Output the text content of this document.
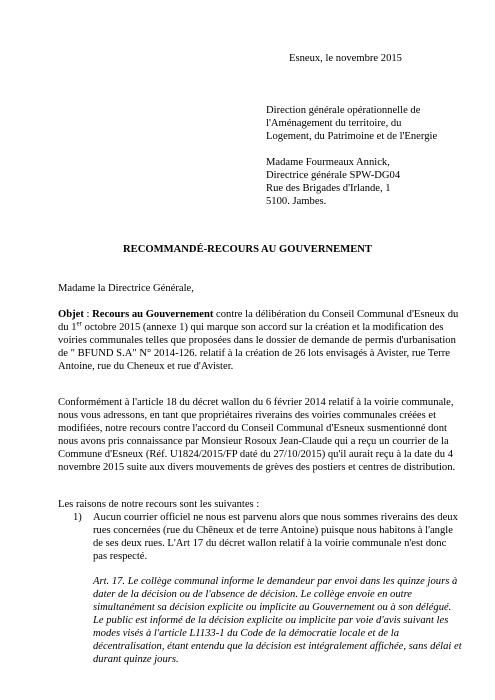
Esneux, le novembre 2015
Direction générale opérationnelle de
l'Aménagement du territoire, du
Logement, du Patrimoine et de l'Energie
Madame Fourmeaux Annick,
Directrice générale SPW-DG04
Rue des Brigades d'Irlande, 1
5100. Jambes.
RECOMMANDÉ-RECOURS AU GOUVERNEMENT
Madame la Directrice Générale,
Objet : Recours au Gouvernement contre la délibération du Conseil Communal d'Esneux du
du 1er octobre 2015 (annexe 1) qui marque son accord sur la création et la modification des
voiries communales telles que proposées dans le dossier de demande de permis d'urbanisation
de " BFUND S.A" N° 2014-126. relatif à la création de 26 lots envisagés à Avister, rue Terre
Antoine, rue du Cheneux et rue d'Avister.
Conformément à l'article 18 du décret wallon du 6 février 2014 relatif à la voirie communale,
nous vous adressons, en tant que propriétaires riverains des voiries communales créées et
modifiées, notre recours contre l'accord du Conseil Communal d'Esneux susmentionné dont
nous avons pris connaissance par Monsieur Rosoux Jean-Claude qui a reçu un courrier de la
Commune d'Esneux (Réf. U1824/2015/FP daté du 27/10/2015) qu'il aurait reçu à la date du 4
novembre 2015 suite aux divers mouvements de grèves des postiers et centres de distribution.
Les raisons de notre recours sont les suivantes :
1) Aucun courrier officiel ne nous est parvenu alors que nous sommes riverains des deux
rues concernées (rue du Chêneux et de terre Antoine) puisque nous habitons à l'angle
de ses deux rues. L'Art 17 du décret wallon relatif à la voirie communale n'est donc
pas respecté.
Art. 17. Le collège communal informe le demandeur par envoi dans les quinze jours à
dater de la décision ou de l'absence de décision. Le collège envoie en outre
simultanément sa décision explicite ou implicite au Gouvernement ou à son délégué.
Le public est informé de la décision explicite ou implicite par voie d'avis suivant les
modes visés à l'article L1133-1 du Code de la démocratie locale et de la
décentralisation, étant entendu que la décision est intégralement affichée, sans délai et
durant quinze jours.
